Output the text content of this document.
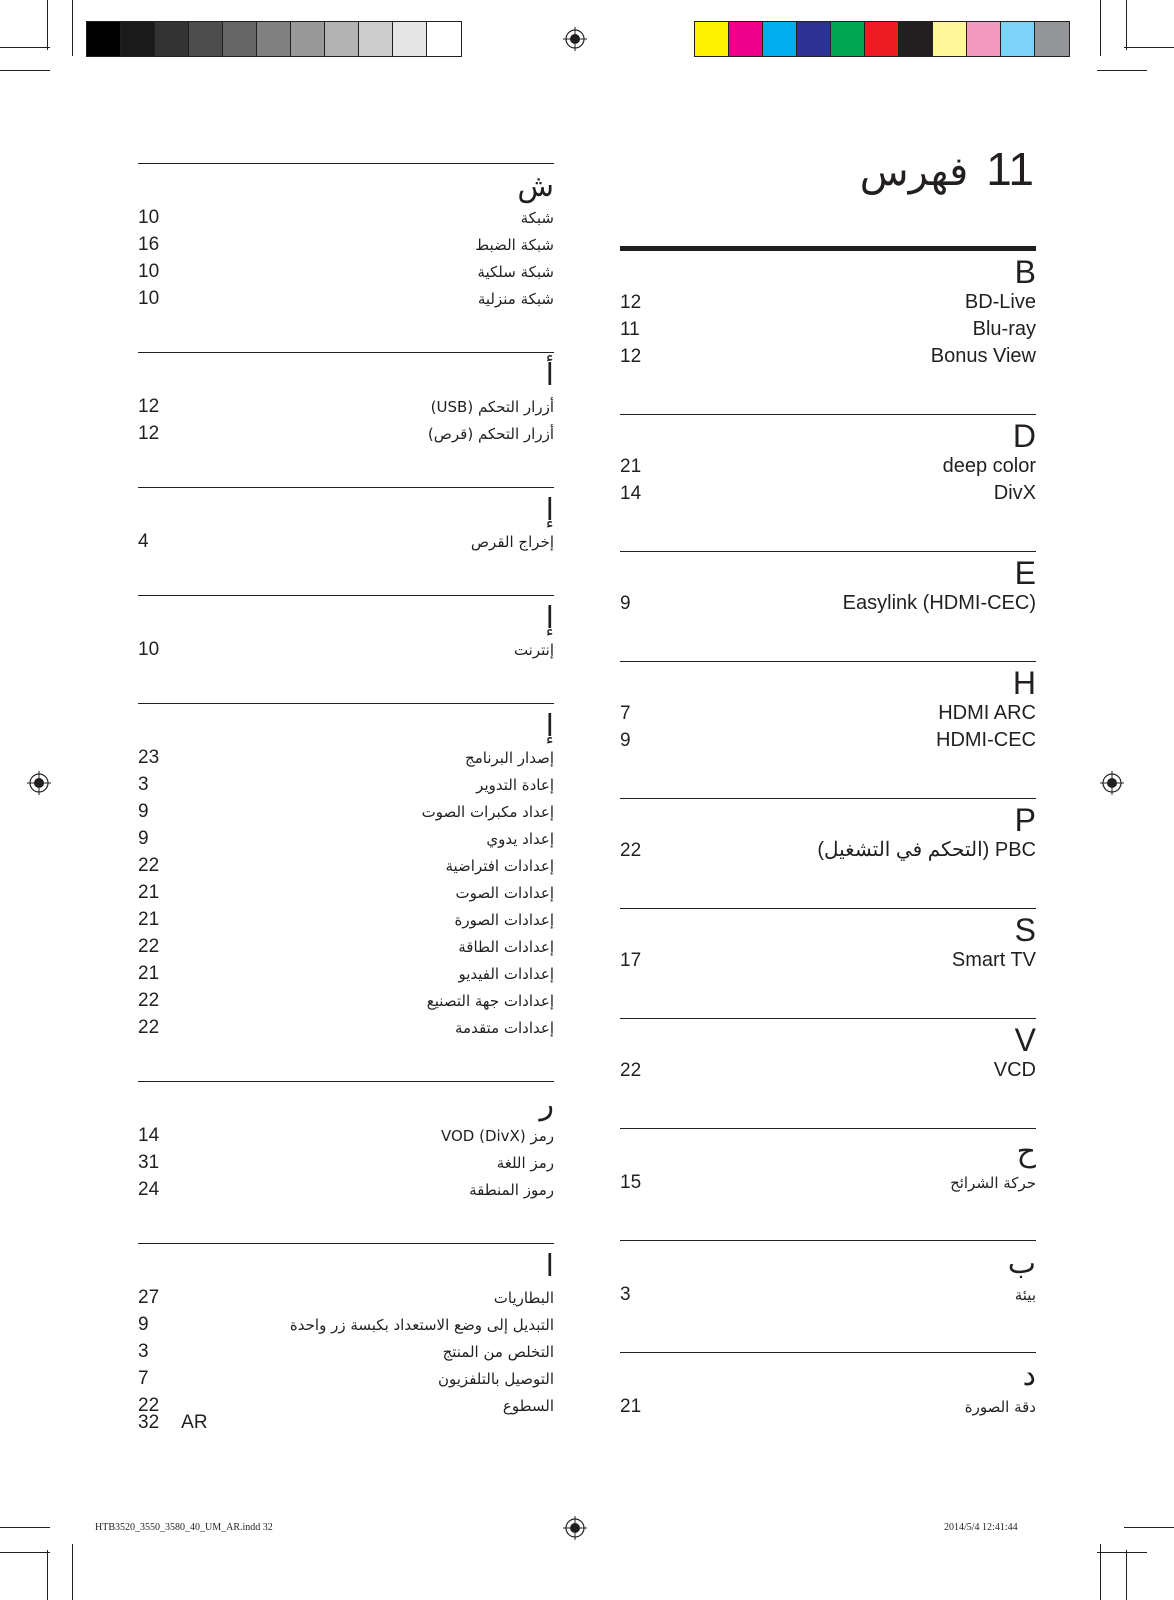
11
فهرس
ش
شبكة
10
شبكة الضبط
16
شبكة سلكية
10
شبكة منزلية
10
أ
أزرار التحكم (USB)
12
أزرار التحكم (قرص)
12
إ
إخراج القرص
4
إ
إنترنت
10
إ
إصدار البرنامج
23
إعادة التدوير
3
إعداد مكبرات الصوت
9
إعداد يدوي
9
إعدادات افتراضية
22
إعدادات الصوت
21
إعدادات الصورة
21
إعدادات الطاقة
22
إعدادات الفيديو
21
إعدادات جهة التصنيع
22
إعدادات متقدمة
22
ر
رمز VOD (DivX)
14
رمز اللغة
31
رموز المنطقة
24
ا
البطاريات
27
التبديل إلى وضع الاستعداد بكبسة زر واحدة
9
التخلص من المنتج
3
التوصيل بالتلفزيون
7
السطوع
22
B
BD-Live
12
Blu-ray
11
Bonus View
12
D
deep color
21
DivX
14
E
Easylink (HDMI-CEC)
9
H
HDMI ARC
7
HDMI-CEC
9
P
PBC (التحكم في التشغيل)
22
S
Smart TV
17
V
VCD
22
ح
حركة الشرائح
15
ب
بيئة
3
د
دقة الصورة
21
32 AR
HTB3520_3550_3580_40_UM_AR.indd 32	2014/5/4 12:41:44
